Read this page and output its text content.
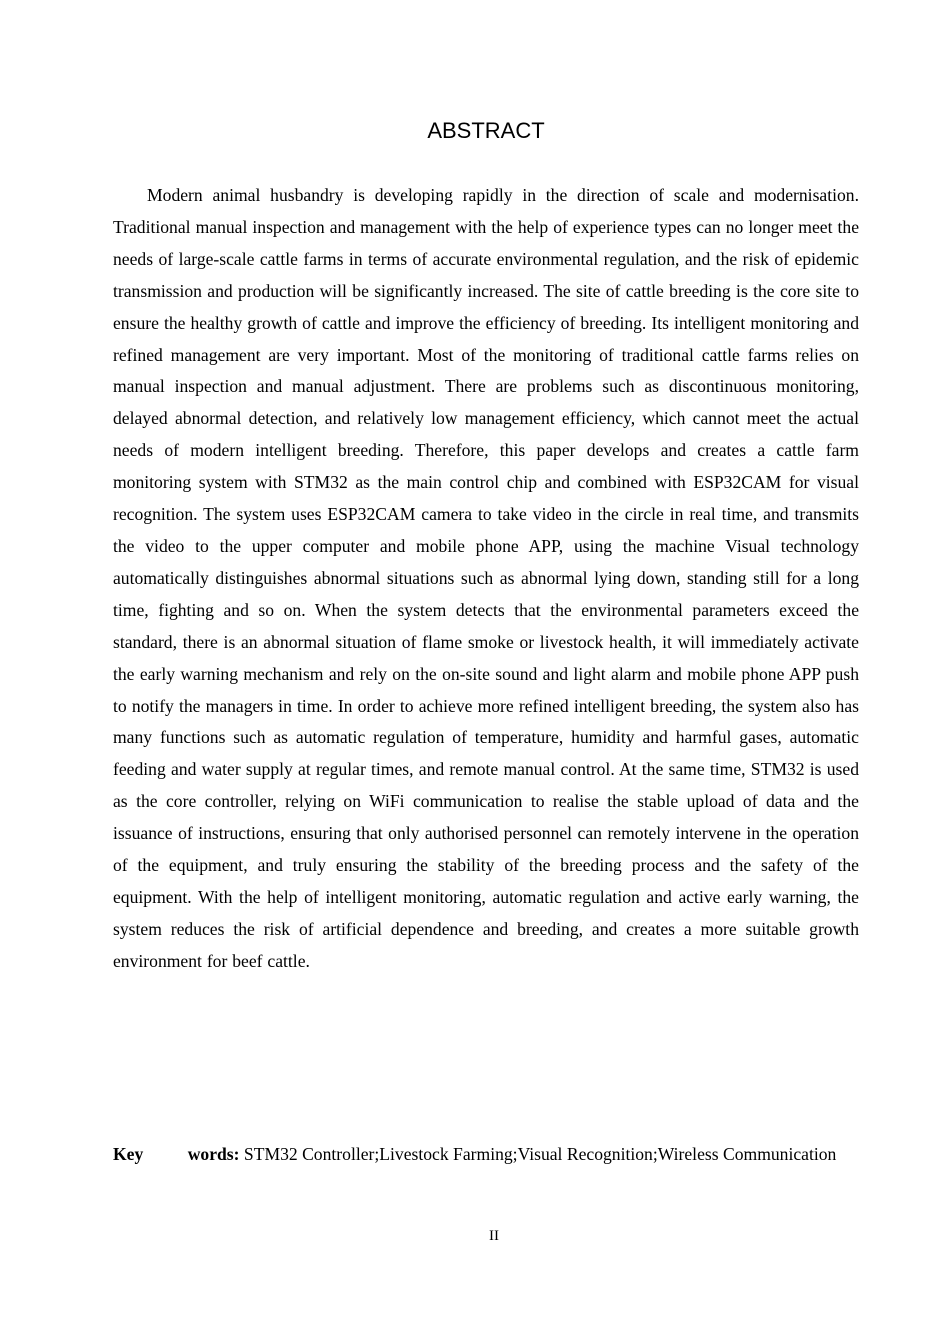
ABSTRACT

Modern animal husbandry is developing rapidly in the direction of scale and modernisation. Traditional manual inspection and management with the help of experience types can no longer meet the needs of large-scale cattle farms in terms of accurate environmental regulation, and the risk of epidemic transmission and production will be significantly increased. The site of cattle breeding is the core site to ensure the healthy growth of cattle and improve the efficiency of breeding. Its intelligent monitoring and refined management are very important. Most of the monitoring of traditional cattle farms relies on manual inspection and manual adjustment. There are problems such as discontinuous monitoring, delayed abnormal detection, and relatively low management efficiency, which cannot meet the actual needs of modern intelligent breeding. Therefore, this paper develops and creates a cattle farm monitoring system with STM32 as the main control chip and combined with ESP32CAM for visual recognition. The system uses ESP32CAM camera to take video in the circle in real time, and transmits the video to the upper computer and mobile phone APP, using the machine Visual technology automatically distinguishes abnormal situations such as abnormal lying down, standing still for a long time, fighting and so on. When the system detects that the environmental parameters exceed the standard, there is an abnormal situation of flame smoke or livestock health, it will immediately activate the early warning mechanism and rely on the on-site sound and light alarm and mobile phone APP push to notify the managers in time. In order to achieve more refined intelligent breeding, the system also has many functions such as automatic regulation of temperature, humidity and harmful gases, automatic feeding and water supply at regular times, and remote manual control. At the same time, STM32 is used as the core controller, relying on WiFi communication to realise the stable upload of data and the issuance of instructions, ensuring that only authorised personnel can remotely intervene in the operation of the equipment, and truly ensuring the stability of the breeding process and the safety of the equipment. With the help of intelligent monitoring, automatic regulation and active early warning, the system reduces the risk of artificial dependence and breeding, and creates a more suitable growth environment for beef cattle.

Key words: STM32 Controller;Livestock Farming;Visual Recognition;Wireless Communication

II
